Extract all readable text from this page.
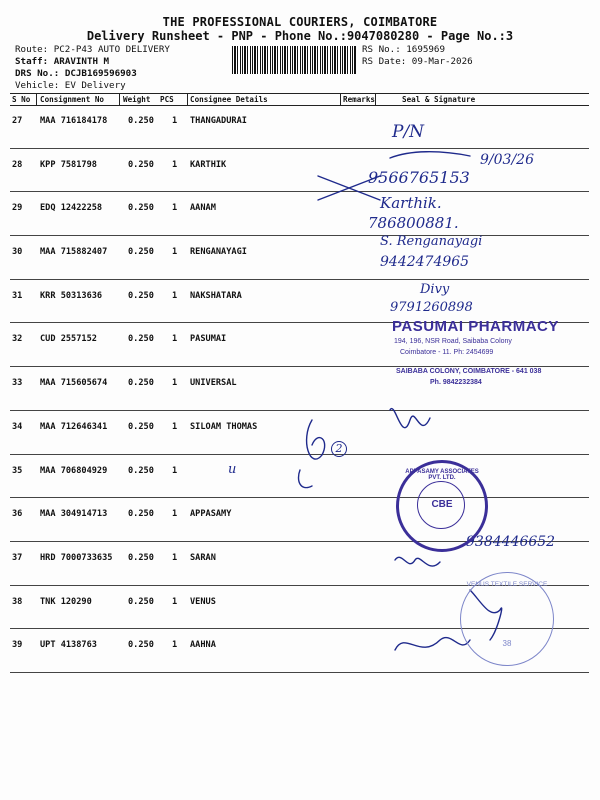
THE PROFESSIONAL COURIERS, COIMBATORE
Delivery Runsheet - PNP - Phone No.:9047080280 - Page No.:3
Route: PC2-P43 AUTO DELIVERY
Staff: ARAVINTH M
DRS No.: DCJB169596903
Vehicle: EV Delivery
RS No.: 1695969
RS Date: 09-Mar-2026
S No Consignment No Weight PCS Consignee Details	Remarks	Seal & Signature
27 MAA 716184178 0.250 1 THANGADURAI
28 KPP 7581798	0.250 1 KARTHIK
29 EDQ 12422258	0.250 1 AANAM
30 MAA 715882407 0.250 1 RENGANAYAGI
31 KRR 50313636	0.250 1 NAKSHATARA
32 CUD 2557152	0.250 1 PASUMAI
33 MAA 715605674 0.250 1 UNIVERSAL
34 MAA 712646341 0.250 1 SILOAM THOMAS
35 MAA 706804929 0.250 1
36 MAA 304914713 0.250 1 APPASAMY
37 HRD 7000733635 0.250 1 SARAN
38 TNK 120290	0.250 1 VENUS
39 UPT 4138763	0.250 1 AAHNA
P/N
9/03/26
9566765153
Karthik.
786800881.
S. Renganayagi
9442474965
Divy
9791260898
u
2
9384446652
PASUMAI PHARMACY
194, 196, NSR Road, Saibaba Colony
Coimbatore - 11. Ph: 2454699
SAIBABA COLONY, COIMBATORE - 641 038
Ph. 9842232384
APPASAMY ASSOCIATES PVT. LTD.
CBE
VENUS TEXTILE SERVICE
38
